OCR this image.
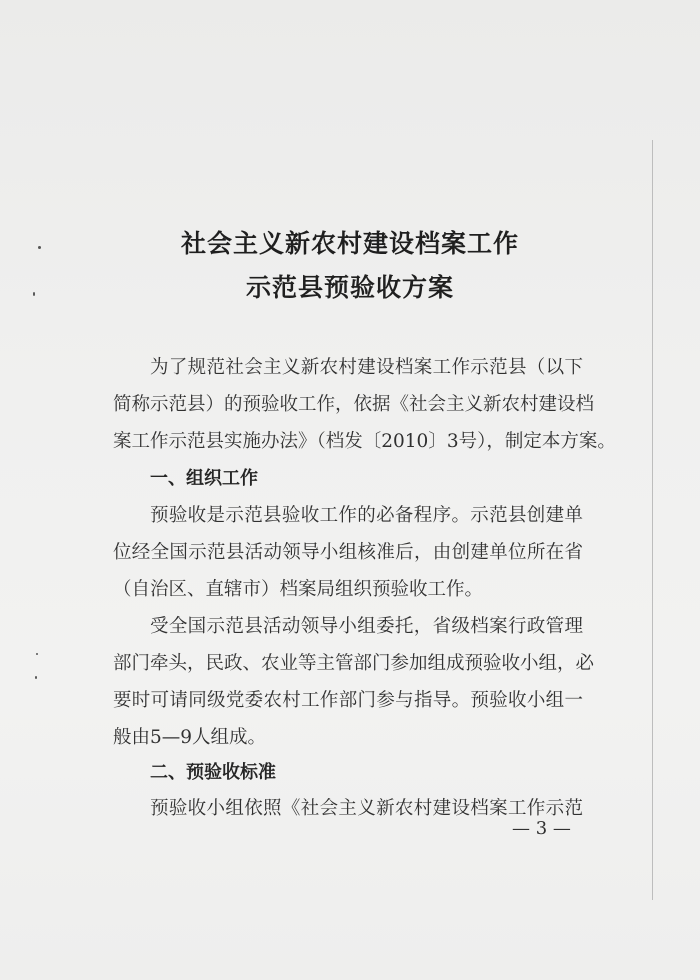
社会主义新农村建设档案工作
示范县预验收方案
为了规范社会主义新农村建设档案工作示范县（以下
简称示范县）的预验收工作，依据《社会主义新农村建设档
案工作示范县实施办法》（档发〔2010〕3号），制定本方案。
一、组织工作
预验收是示范县验收工作的必备程序。示范县创建单
位经全国示范县活动领导小组核准后，由创建单位所在省
（自治区、直辖市）档案局组织预验收工作。
受全国示范县活动领导小组委托，省级档案行政管理
部门牵头，民政、农业等主管部门参加组成预验收小组，必
要时可请同级党委农村工作部门参与指导。预验收小组一
般由5—9人组成。
二、预验收标准
预验收小组依照《社会主义新农村建设档案工作示范
— 3 —
